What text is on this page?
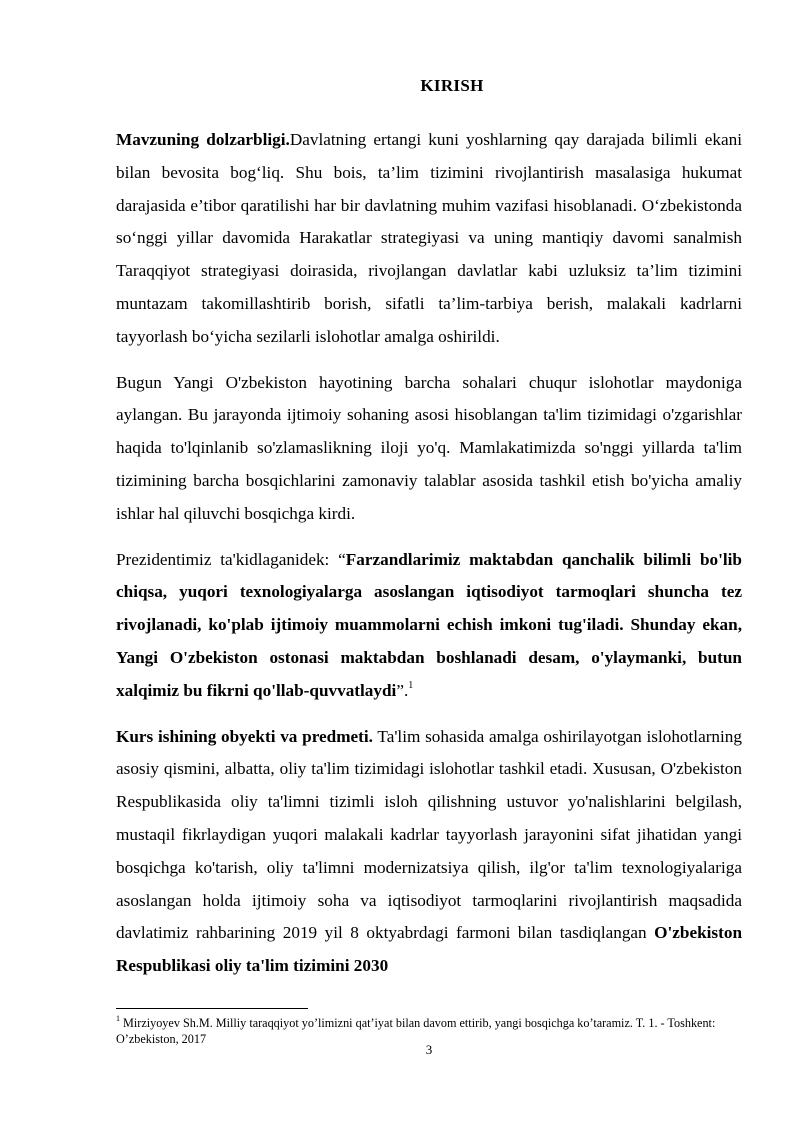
KIRISH

Mavzuning dolzarbligi.Davlatning ertangi kuni yoshlarning qay darajada bilimli ekani bilan bevosita bog‘liq. Shu bois, ta’lim tizimini rivojlantirish masalasiga hukumat darajasida e’tibor qaratilishi har bir davlatning muhim vazifasi hisoblanadi. O‘zbekistonda so‘nggi yillar davomida Harakatlar strategiyasi va uning mantiqiy davomi sanalmish Taraqqiyot strategiyasi doirasida, rivojlangan davlatlar kabi uzluksiz ta’lim tizimini muntazam takomillashtirib borish, sifatli ta’lim-tarbiya berish, malakali kadrlarni tayyorlash bo‘yicha sezilarli islohotlar amalga oshirildi.

Bugun Yangi O'zbekiston hayotining barcha sohalari chuqur islohotlar maydoniga aylangan. Bu jarayonda ijtimoiy sohaning asosi hisoblangan ta'lim tizimidagi o'zgarishlar haqida to'lqinlanib so'zlamaslikning iloji yo'q. Mamlakatimizda so'nggi yillarda ta'lim tizimining barcha bosqichlarini zamonaviy talablar asosida tashkil etish bo'yicha amaliy ishlar hal qiluvchi bosqichga kirdi.

Prezidentimiz ta'kidlaganidek: “Farzandlarimiz maktabdan qanchalik bilimli bo'lib chiqsa, yuqori texnologiyalarga asoslangan iqtisodiyot tarmoqlari shuncha tez rivojlanadi, ko'plab ijtimoiy muammolarni echish imkoni tug'iladi. Shunday ekan, Yangi O'zbekiston ostonasi maktabdan boshlanadi desam, o'ylaymanki, butun xalqimiz bu fikrni qo'llab-quvvatlaydi”.$^1$

Kurs ishining obyekti va predmeti. Ta'lim sohasida amalga oshirilayotgan islohotlarning asosiy qismini, albatta, oliy ta'lim tizimidagi islohotlar tashkil etadi. Xususan, O'zbekiston Respublikasida oliy ta'limni tizimli isloh qilishning ustuvor yo'nalishlarini belgilash, mustaqil fikrlaydigan yuqori malakali kadrlar tayyorlash jarayonini sifat jihatidan yangi bosqichga ko'tarish, oliy ta'limni modernizatsiya qilish, ilg'or ta'lim texnologiyalariga asoslangan holda ijtimoiy soha va iqtisodiyot tarmoqlarini rivojlantirish maqsadida davlatimiz rahbarining 2019 yil 8 oktyabrdagi farmoni bilan tasdiqlangan O'zbekiston Respublikasi oliy ta'lim tizimini 2030

$^1$ Mirziyoyev Sh.M. Milliy taraqqiyot yo’limizni qat’iyat bilan davom ettirib, yangi bosqichga ko’taramiz. T. 1. - Toshkent: O’zbekiston, 2017

3
